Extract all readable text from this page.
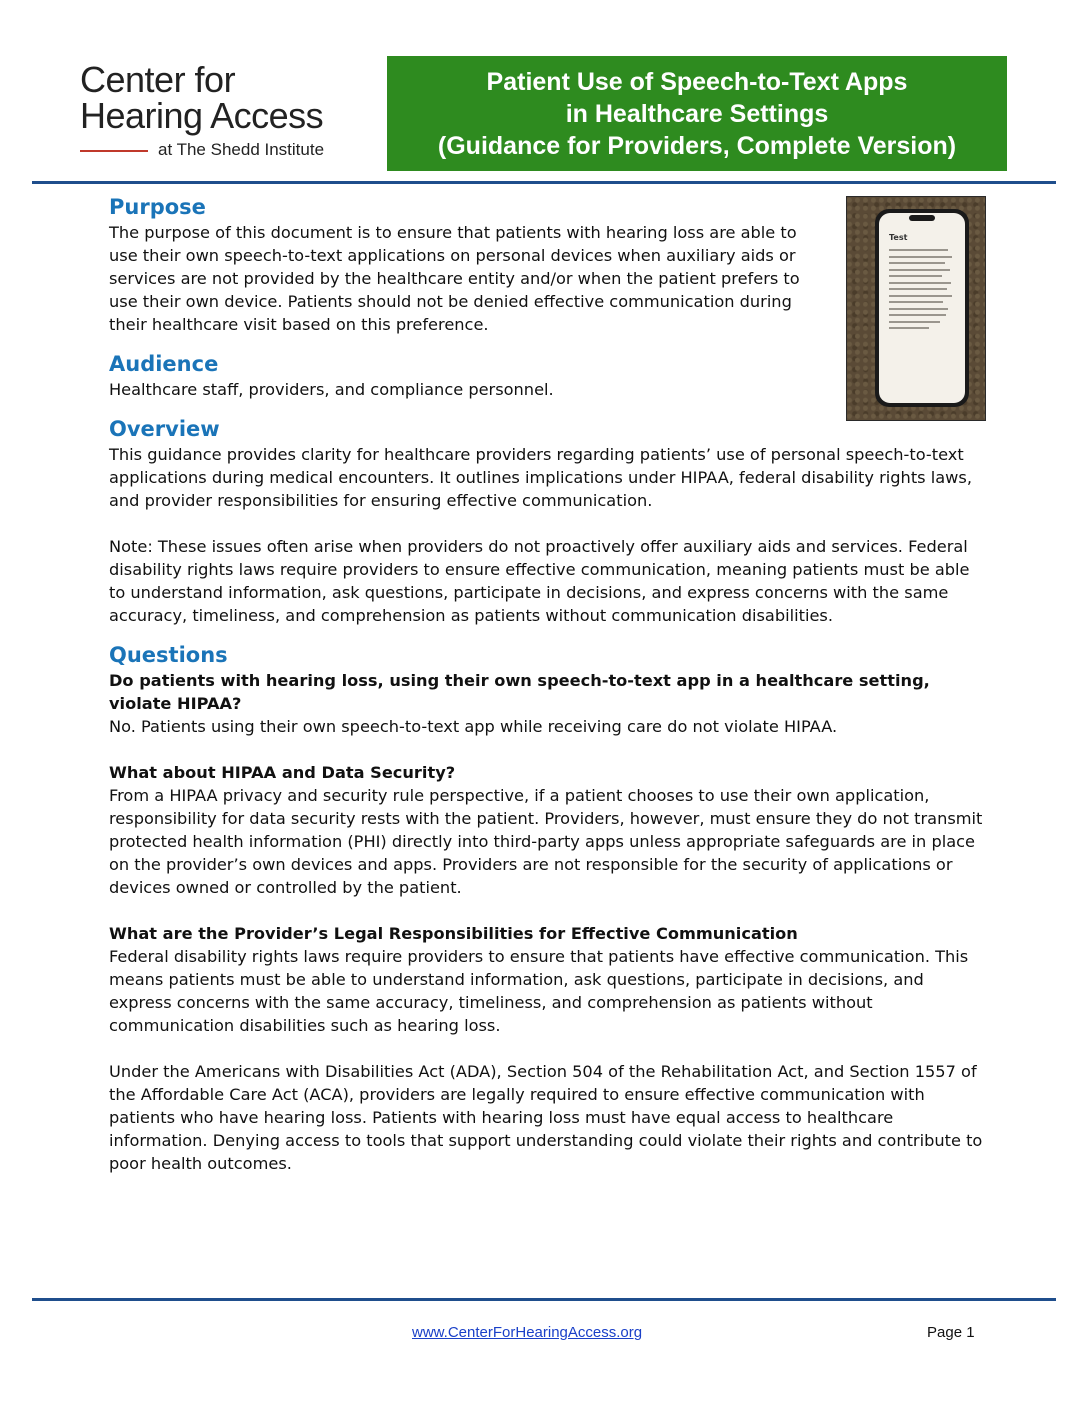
Center for
Hearing Access
at The Shedd Institute
Patient Use of Speech-to-Text Apps
in Healthcare Settings
(Guidance for Providers, Complete Version)
Test
Purpose

The purpose of this document is to ensure that patients with hearing loss are able to use their own speech-to-text applications on personal devices when auxiliary aids or services are not provided by the healthcare entity and/or when the patient prefers to use their own device. Patients should not be denied effective communication during their healthcare visit based on this preference.

Audience

Healthcare staff, providers, and compliance personnel.

Overview

This guidance provides clarity for healthcare providers regarding patients’ use of personal speech-to-text applications during medical encounters. It outlines implications under HIPAA, federal disability rights laws, and provider responsibilities for ensuring effective communication.

Note: These issues often arise when providers do not proactively offer auxiliary aids and services. Federal disability rights laws require providers to ensure effective communication, meaning patients must be able to understand information, ask questions, participate in decisions, and express concerns with the same accuracy, timeliness, and comprehension as patients without communication disabilities.

Questions

Do patients with hearing loss, using their own speech-to-text app in a healthcare setting, violate HIPAA?

No. Patients using their own speech-to-text app while receiving care do not violate HIPAA.

What about HIPAA and Data Security?

From a HIPAA privacy and security rule perspective, if a patient chooses to use their own application, responsibility for data security rests with the patient. Providers, however, must ensure they do not transmit protected health information (PHI) directly into third-party apps unless appropriate safeguards are in place on the provider’s own devices and apps. Providers are not responsible for the security of applications or devices owned or controlled by the patient.

What are the Provider’s Legal Responsibilities for Effective Communication

Federal disability rights laws require providers to ensure that patients have effective communication. This means patients must be able to understand information, ask questions, participate in decisions, and express concerns with the same accuracy, timeliness, and comprehension as patients without communication disabilities such as hearing loss.

Under the Americans with Disabilities Act (ADA), Section 504 of the Rehabilitation Act, and Section 1557 of the Affordable Care Act (ACA), providers are legally required to ensure effective communication with patients who have hearing loss. Patients with hearing loss must have equal access to healthcare information. Denying access to tools that support understanding could violate their rights and contribute to poor health outcomes.

www.CenterForHearingAccess.org	Page 1
